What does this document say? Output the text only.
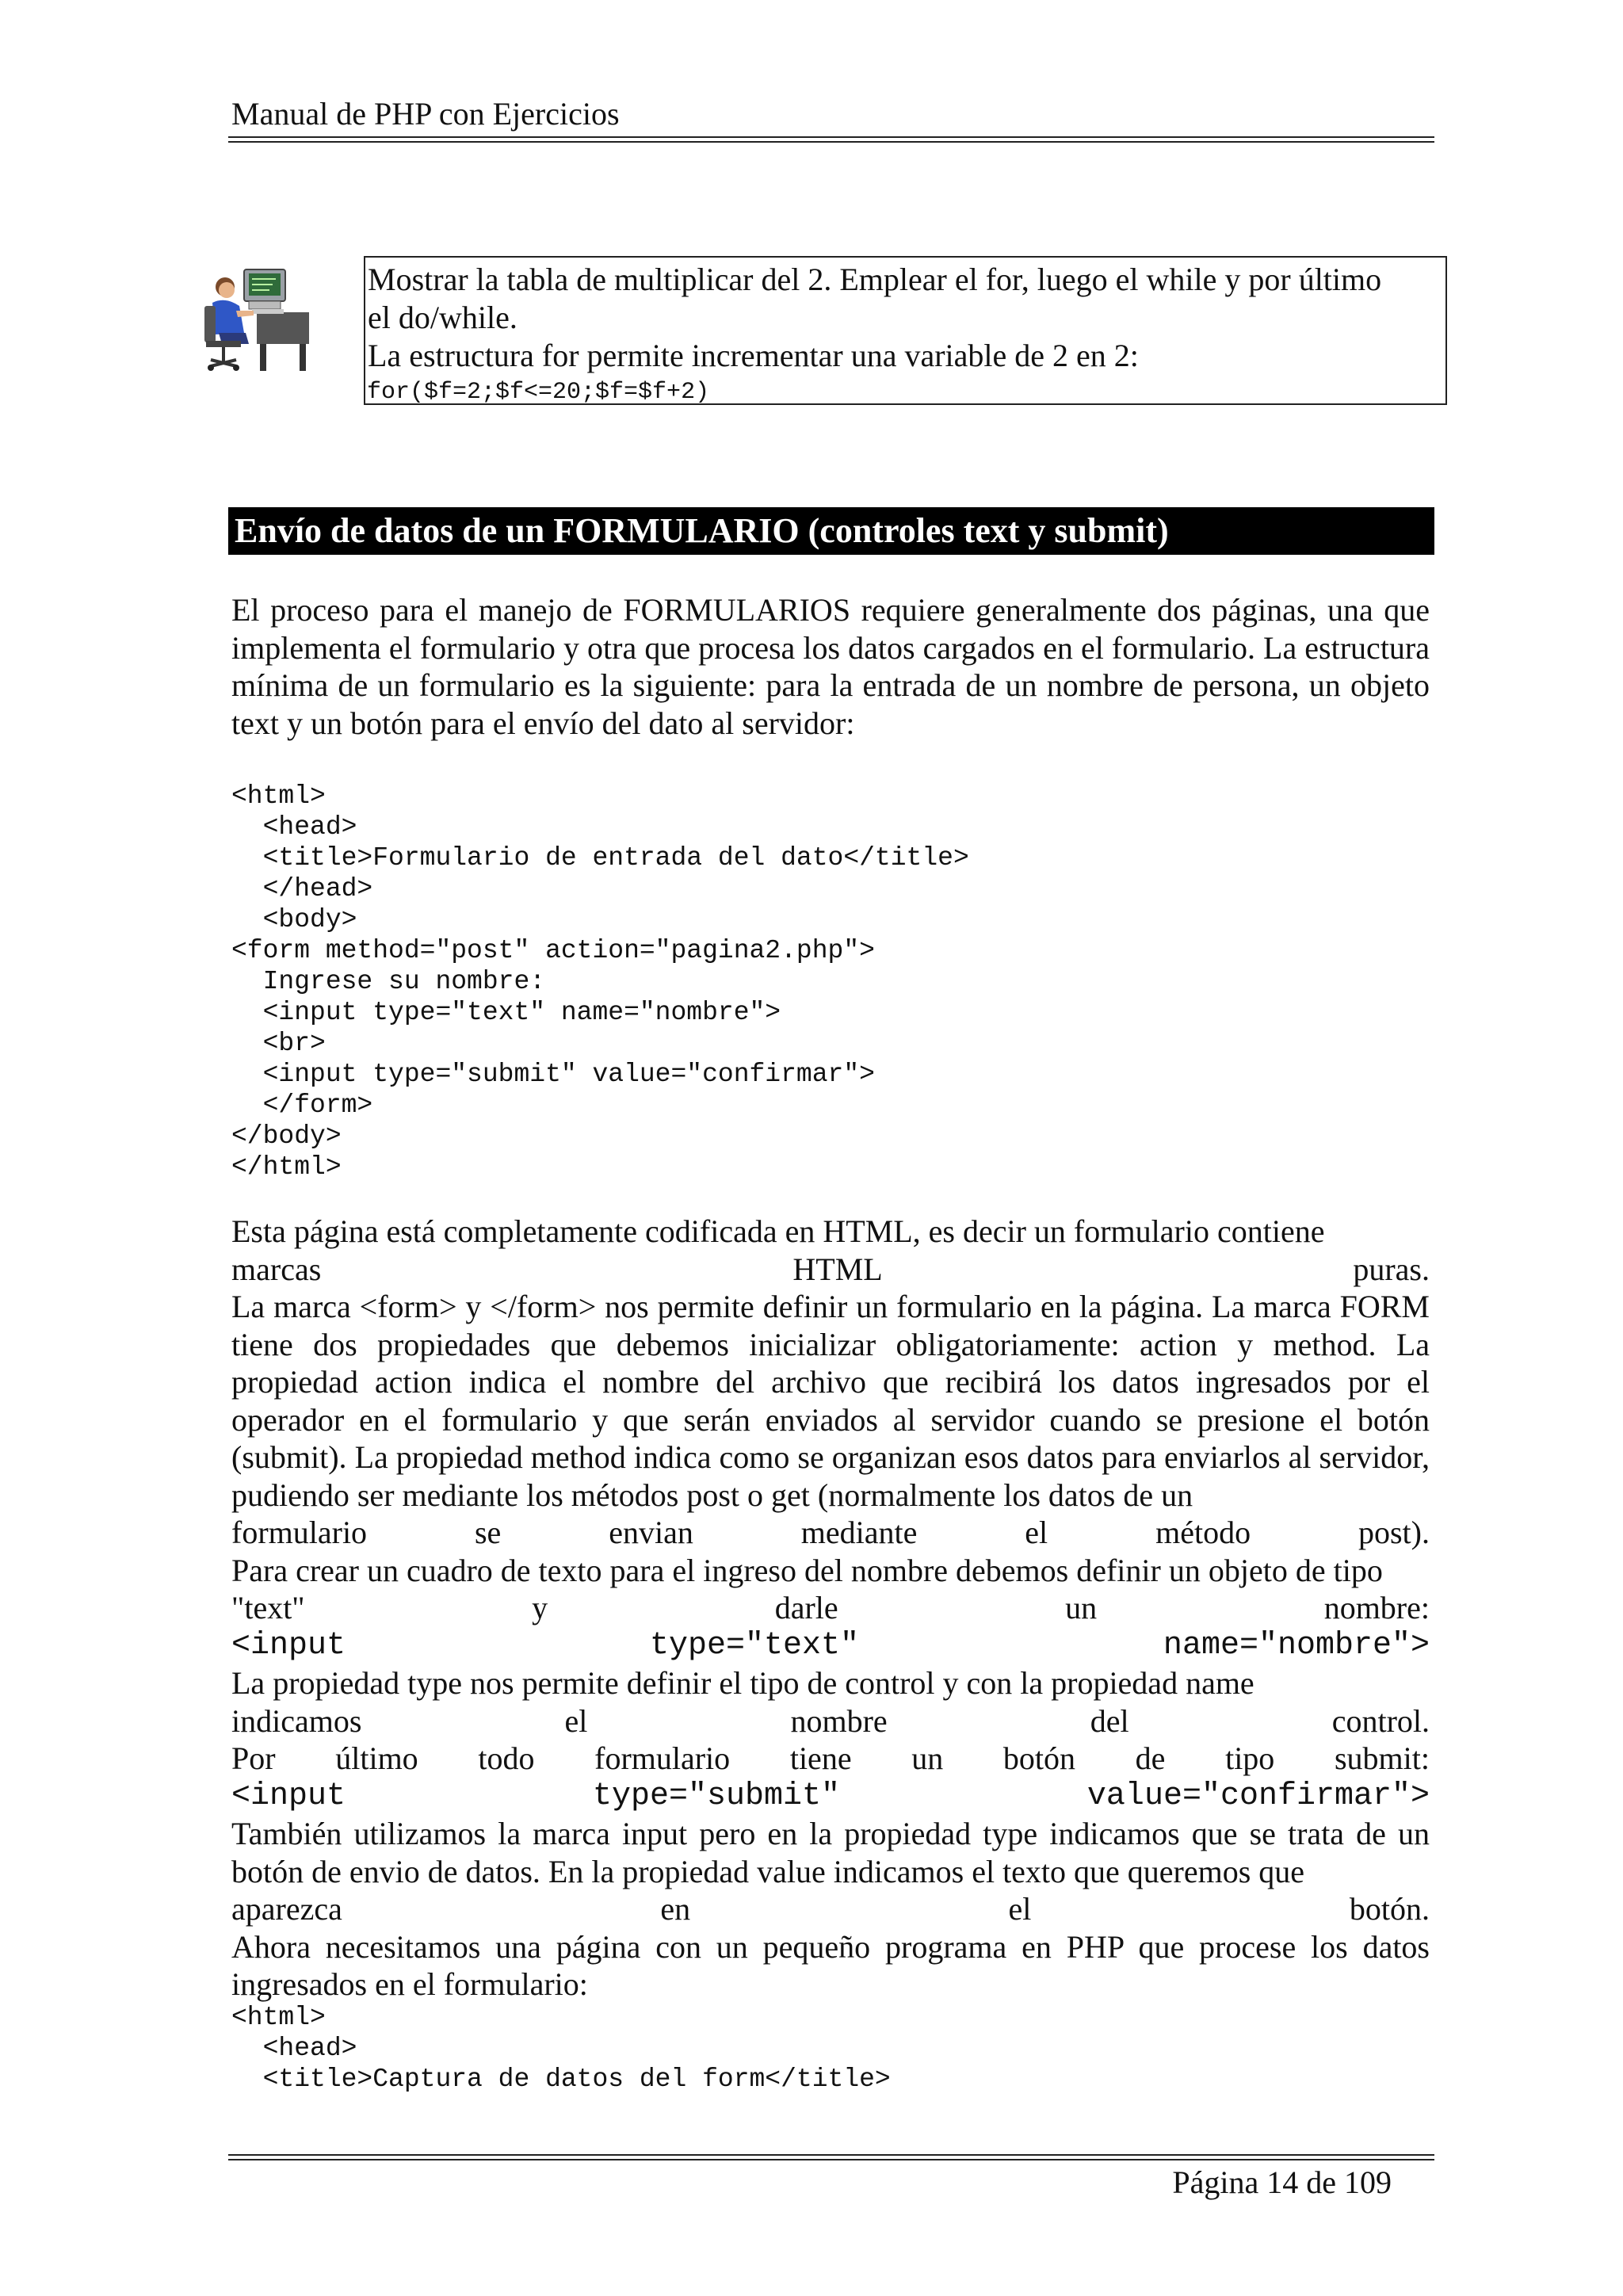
Manual de PHP con Ejercicios
Mostrar la tabla de multiplicar del 2. Emplear el for, luego el while y por último
el do/while.
La estructura for permite incrementar una variable de 2 en 2:
for($f=2;$f<=20;$f=$f+2)
Envío de datos de un FORMULARIO (controles text y submit)

El proceso para el manejo de FORMULARIOS requiere generalmente dos páginas, una que implementa el formulario y otra que procesa los datos cargados en el formulario. La estructura mínima de un formulario es la siguiente: para la entrada de un nombre de persona, un objeto text y un botón para el envío del dato al servidor:

<html>

<head>

<title>Formulario de entrada del dato</title>

</head>

<body>

<form method="post" action="pagina2.php">

Ingrese su nombre:

<input type="text" name="nombre">

<br>

<input type="submit" value="confirmar">

</form>

</body>

</html>

Esta página está completamente codificada en HTML, es decir un formulario contiene

marcas HTML puras.

La marca <form> y </form> nos permite definir un formulario en la página. La marca FORM tiene dos propiedades que debemos inicializar obligatoriamente: action y method. La propiedad action indica el nombre del archivo que recibirá los datos ingresados por el operador en el formulario y que serán enviados al servidor cuando se presione el botón (submit). La propiedad method indica como se organizan esos datos para enviarlos al servidor, pudiendo ser mediante los métodos post o get (normalmente los datos de un

formulario se envian mediante el método post).

Para crear un cuadro de texto para el ingreso del nombre debemos definir un objeto de tipo

"text" y darle un nombre:

<input type="text" name="nombre">

La propiedad type nos permite definir el tipo de control y con la propiedad name

indicamos el nombre del control.

Por último todo formulario tiene un botón de tipo submit:

<input type="submit" value="confirmar">

También utilizamos la marca input pero en la propiedad type indicamos que se trata de un botón de envio de datos. En la propiedad value indicamos el texto que queremos que

aparezca en el botón.

Ahora necesitamos una página con un pequeño programa en PHP que procese los datos ingresados en el formulario:

<html>

<head>

<title>Captura de datos del form</title>

Página 14 de 109
